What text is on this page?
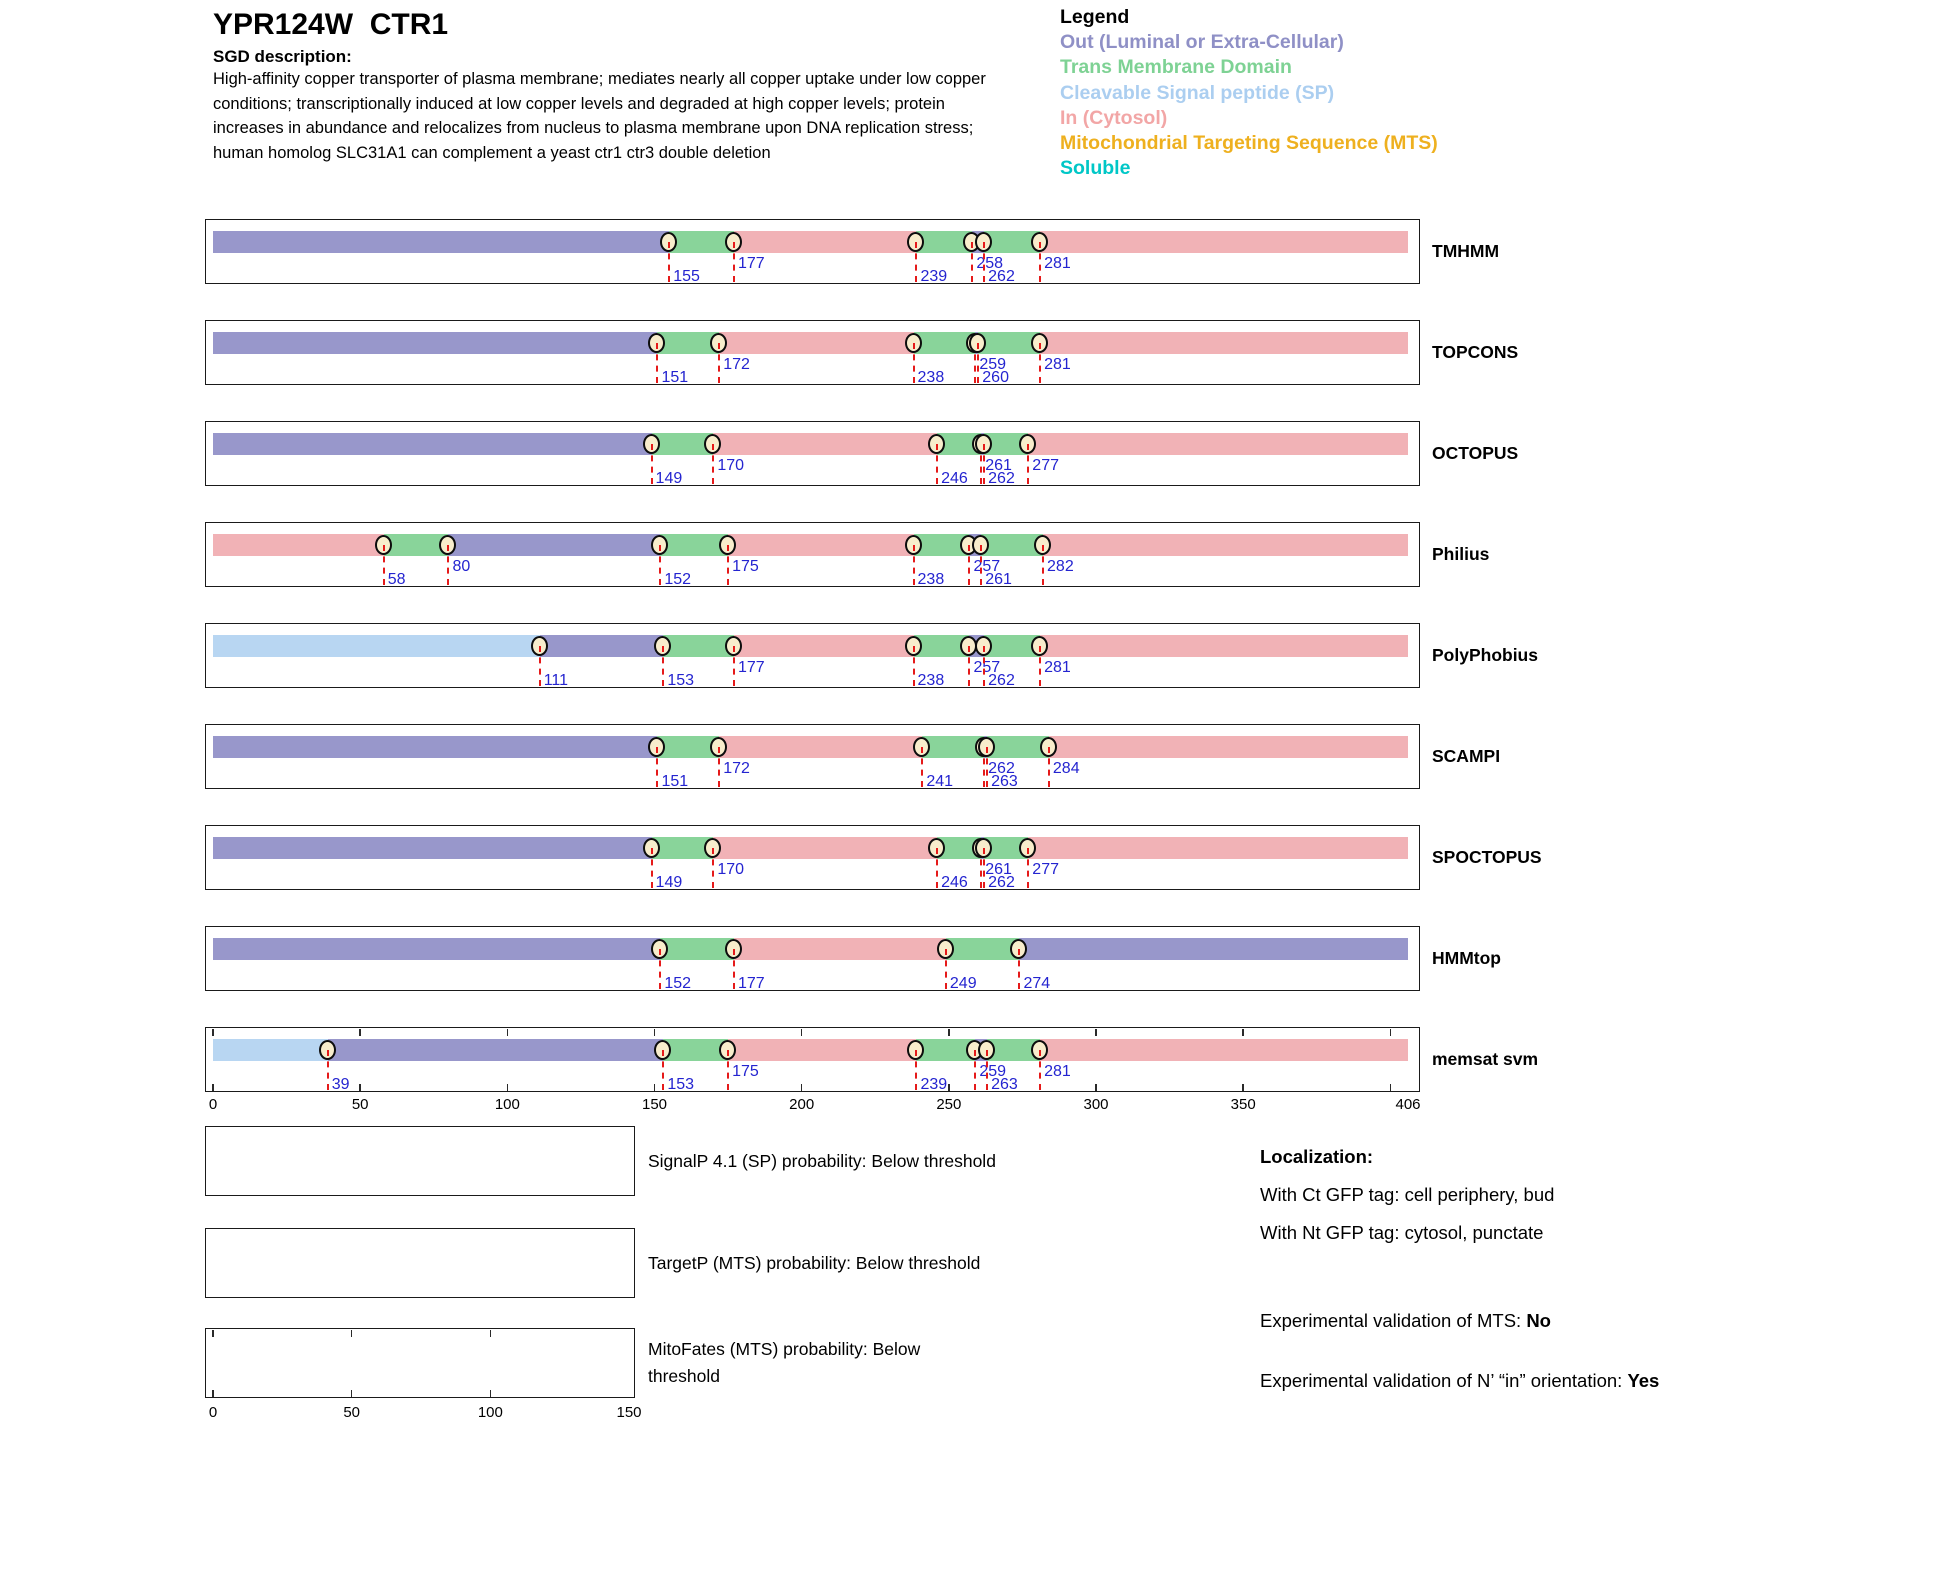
YPR124W  CTR1
SGD description:
High-affinity copper transporter of plasma membrane; mediates nearly all copper uptake under low copper
conditions; transcriptionally induced at low copper levels and degraded at high copper levels; protein
increases in abundance and relocalizes from nucleus to plasma membrane upon DNA replication stress;
human homolog SLC31A1 can complement a yeast ctr1 ctr3 double deletion
Legend
Out (Luminal or Extra-Cellular)
Trans Membrane Domain
Cleavable Signal peptide (SP)
In (Cytosol)
Mitochondrial Targeting Sequence (MTS)
Soluble
155
177
239
258
262
281
TMHMM
151
172
238
259
260
281
TOPCONS
149
170
246
261
262
277
OCTOPUS
58
80
152
175
238
257
261
282
Philius
111	153
177
238
257
262
281
PolyPhobius
151
172
241
262
263
284
SCAMPI
149
170
246
261
262
277
SPOCTOPUS
152	177	249	274
HMMtop
39	153
175
239
259
263
281
memsat svm
0	50	100	150	200	250	300	350	406
SignalP 4.1 (SP) probability: Below threshold
TargetP (MTS) probability: Below threshold
0	50	100	150
MitoFates (MTS) probability: Below
threshold
Localization:
With Ct GFP tag: cell periphery, bud
With Nt GFP tag: cytosol, punctate
Experimental validation of MTS: No
Experimental validation of N’ “in” orientation: Yes
